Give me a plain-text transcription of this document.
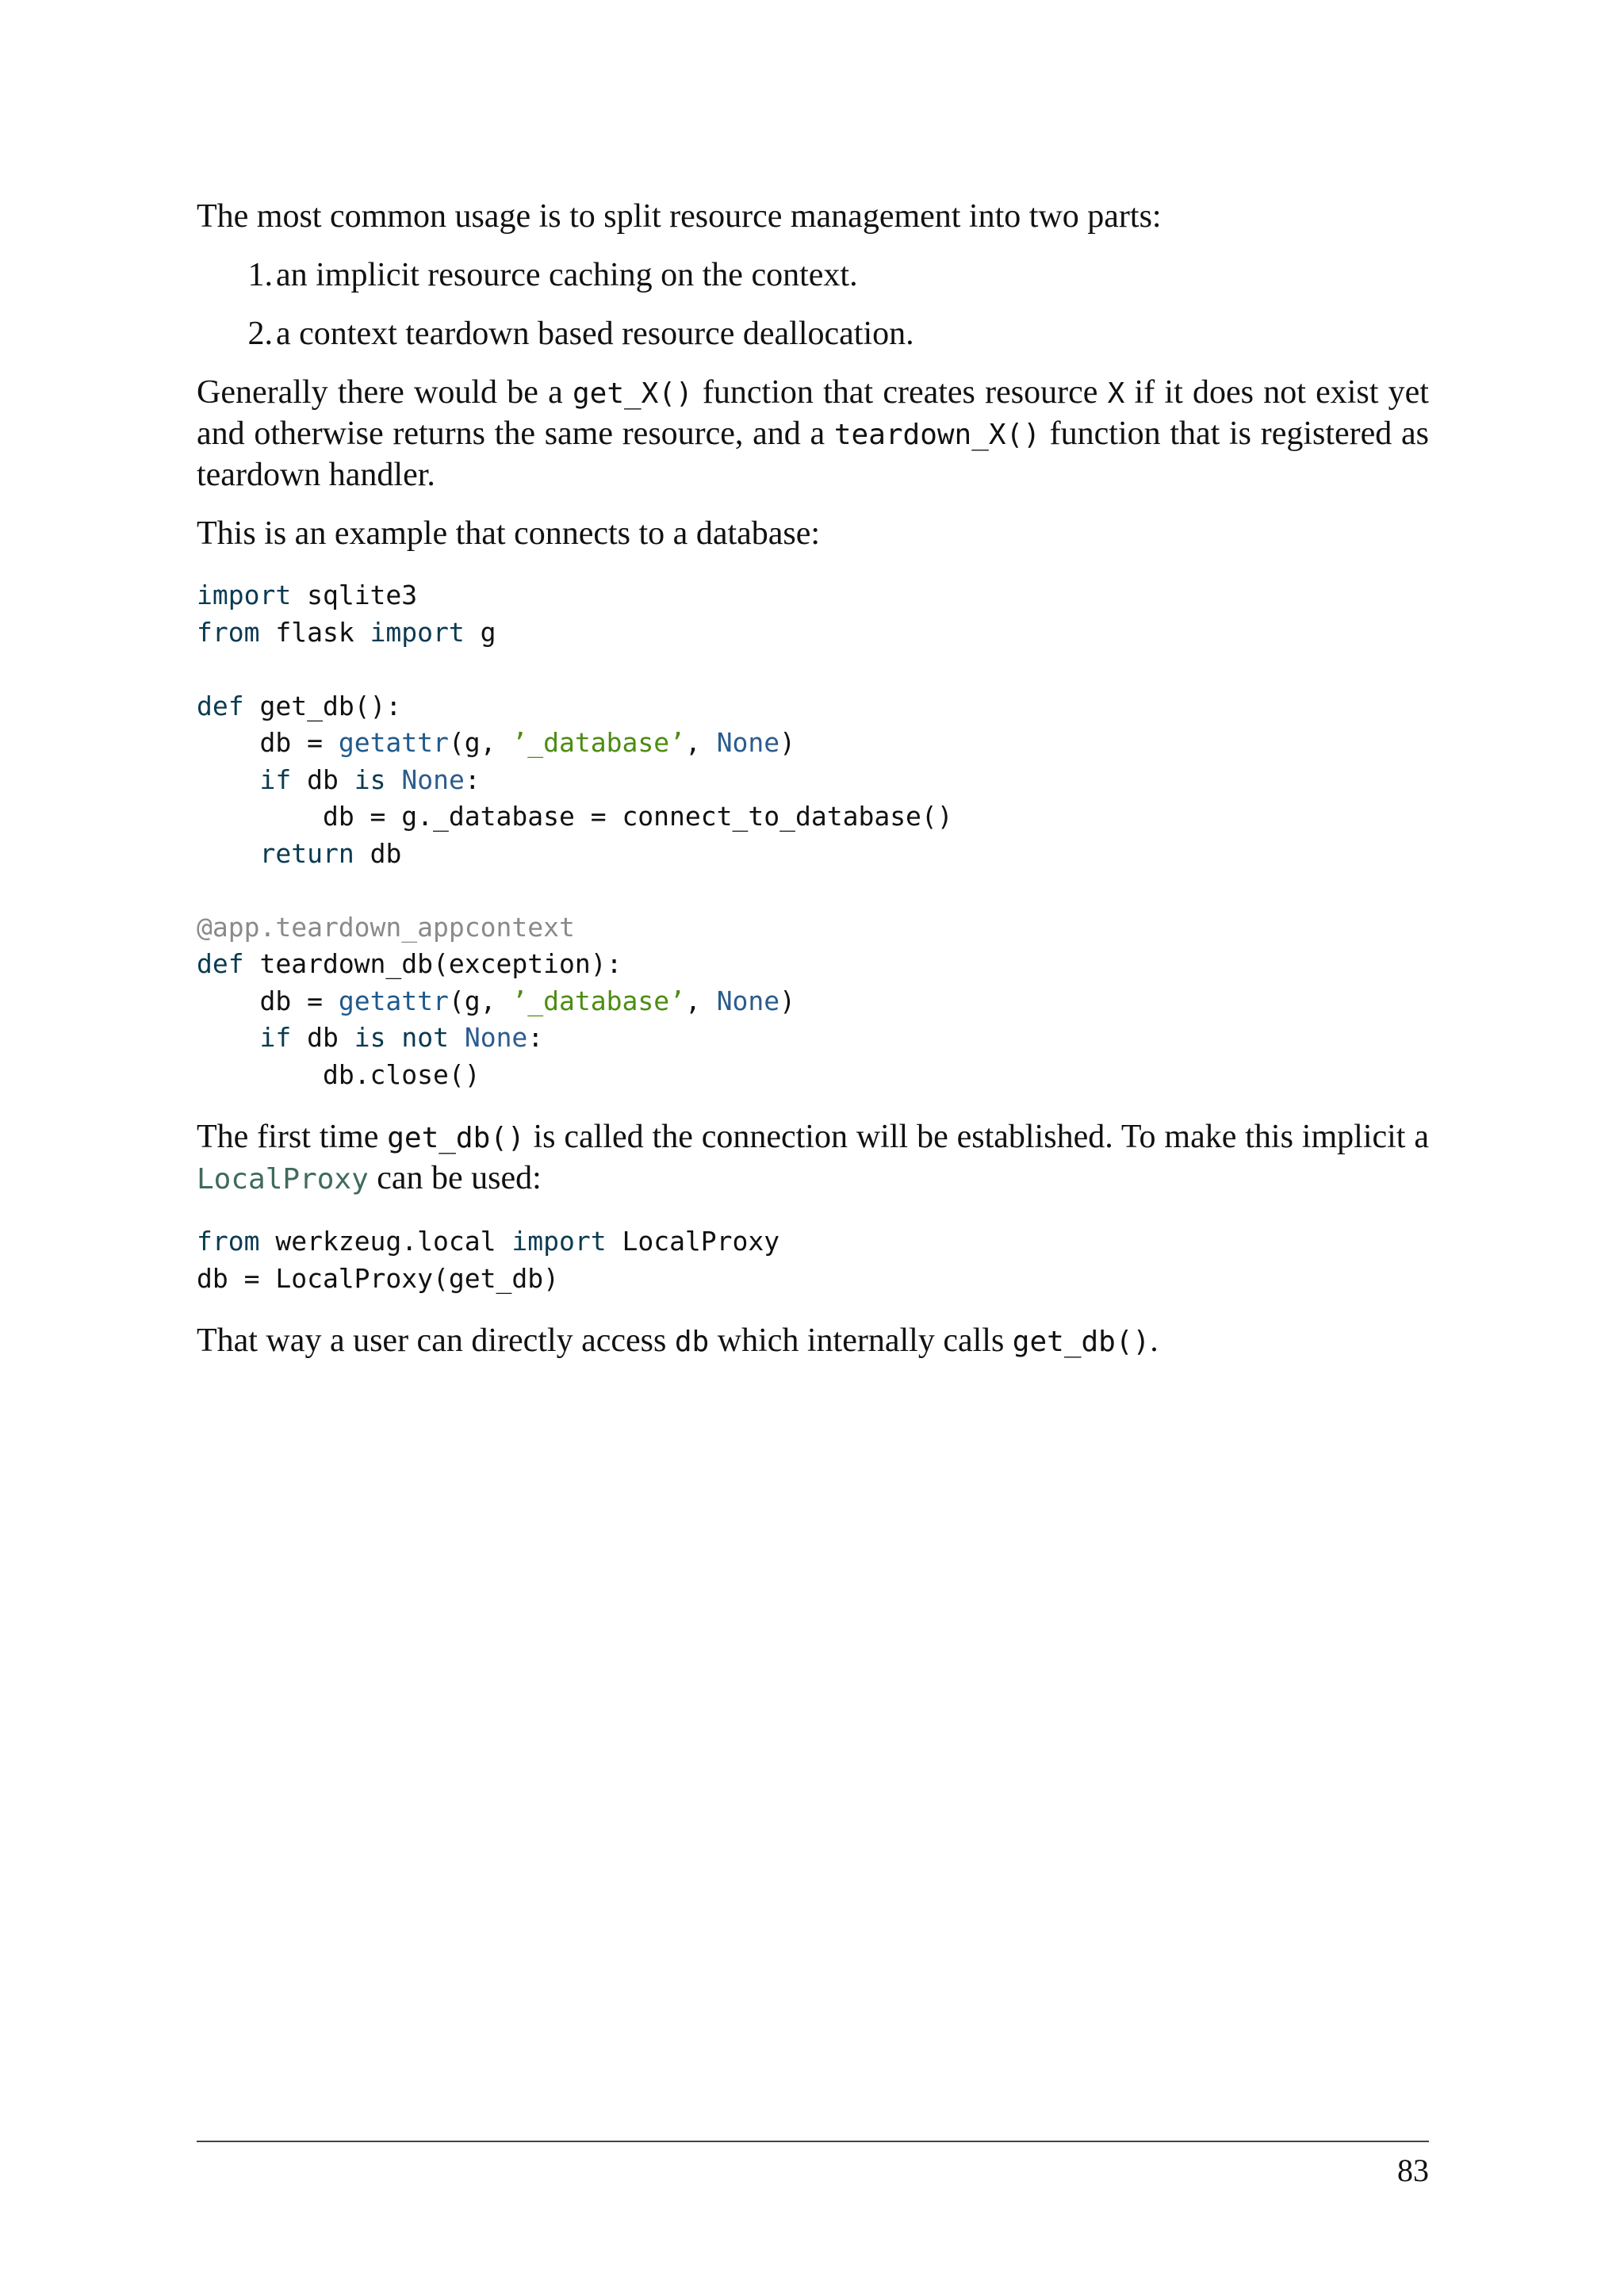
The most common usage is to split resource management into two parts:

1. an implicit resource caching on the context.
2. a context teardown based resource deallocation.

Generally there would be a get_X() function that creates resource X if it does not exist yet and otherwise returns the same resource, and a teardown_X() function that is registered as teardown handler.

This is an example that connects to a database:

import sqlite3
from flask import g

def get_db():
db = getattr(g, ’_database’, None)
if db is None:
db = g._database = connect_to_database()
return db

@app.teardown_appcontext
def teardown_db(exception):
db = getattr(g, ’_database’, None)
if db is not None:
db.close()

The first time get_db() is called the connection will be established. To make this implicit a LocalProxy can be used:

from werkzeug.local import LocalProxy
db = LocalProxy(get_db)

That way a user can directly access db which internally calls get_db().

83
